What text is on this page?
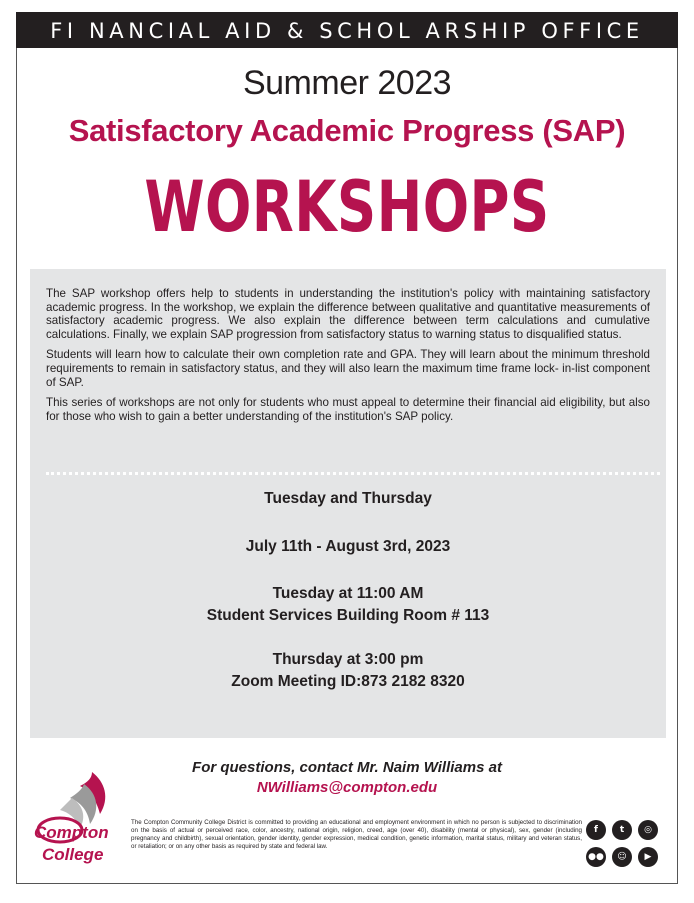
FI NANCIAL AID & SCHOL ARSHIP OFFICE
Summer 2023
Satisfactory Academic Progress (SAP)
WORKSHOPS

The SAP workshop offers help to students in understanding the institution's policy with maintaining satisfactory academic progress. In the workshop, we explain the difference between qualitative and quantitative measurements of satisfactory academic progress. We also explain the difference between term calculations and cumulative calculations. Finally, we explain SAP progression from satisfactory status to warning status to disqualified status.

Students will learn how to calculate their own completion rate and GPA. They will learn about the minimum threshold requirements to remain in satisfactory status, and they will also learn the maximum time frame lock- in-list component of SAP.

This series of workshops are not only for students who must appeal to determine their financial aid eligibility, but also for those who wish to gain a better understanding of the institution's SAP policy.

Tuesday and Thursday
July 11th - August 3rd, 2023
Tuesday at 11:00 AM
Student Services Building Room # 113
Thursday at 3:00 pm
Zoom Meeting ID:873 2182 8320
For questions, contact Mr. Naim Williams at
NWilliams@compton.edu
Compton
College
The Compton Community College District is committed to providing an educational and employment environment in which no person is subjected to discrimination on the basis of actual or perceived race, color, ancestry, national origin, religion, creed, age (over 40), disability (mental or physical), sex, gender (including pregnancy and childbirth), sexual orientation, gender identity, gender expression, medical condition, genetic information, marital status, military and veteran status, or retaliation; or on any other basis as required by state and federal law.
f	t	◎
●●	☺	▶
